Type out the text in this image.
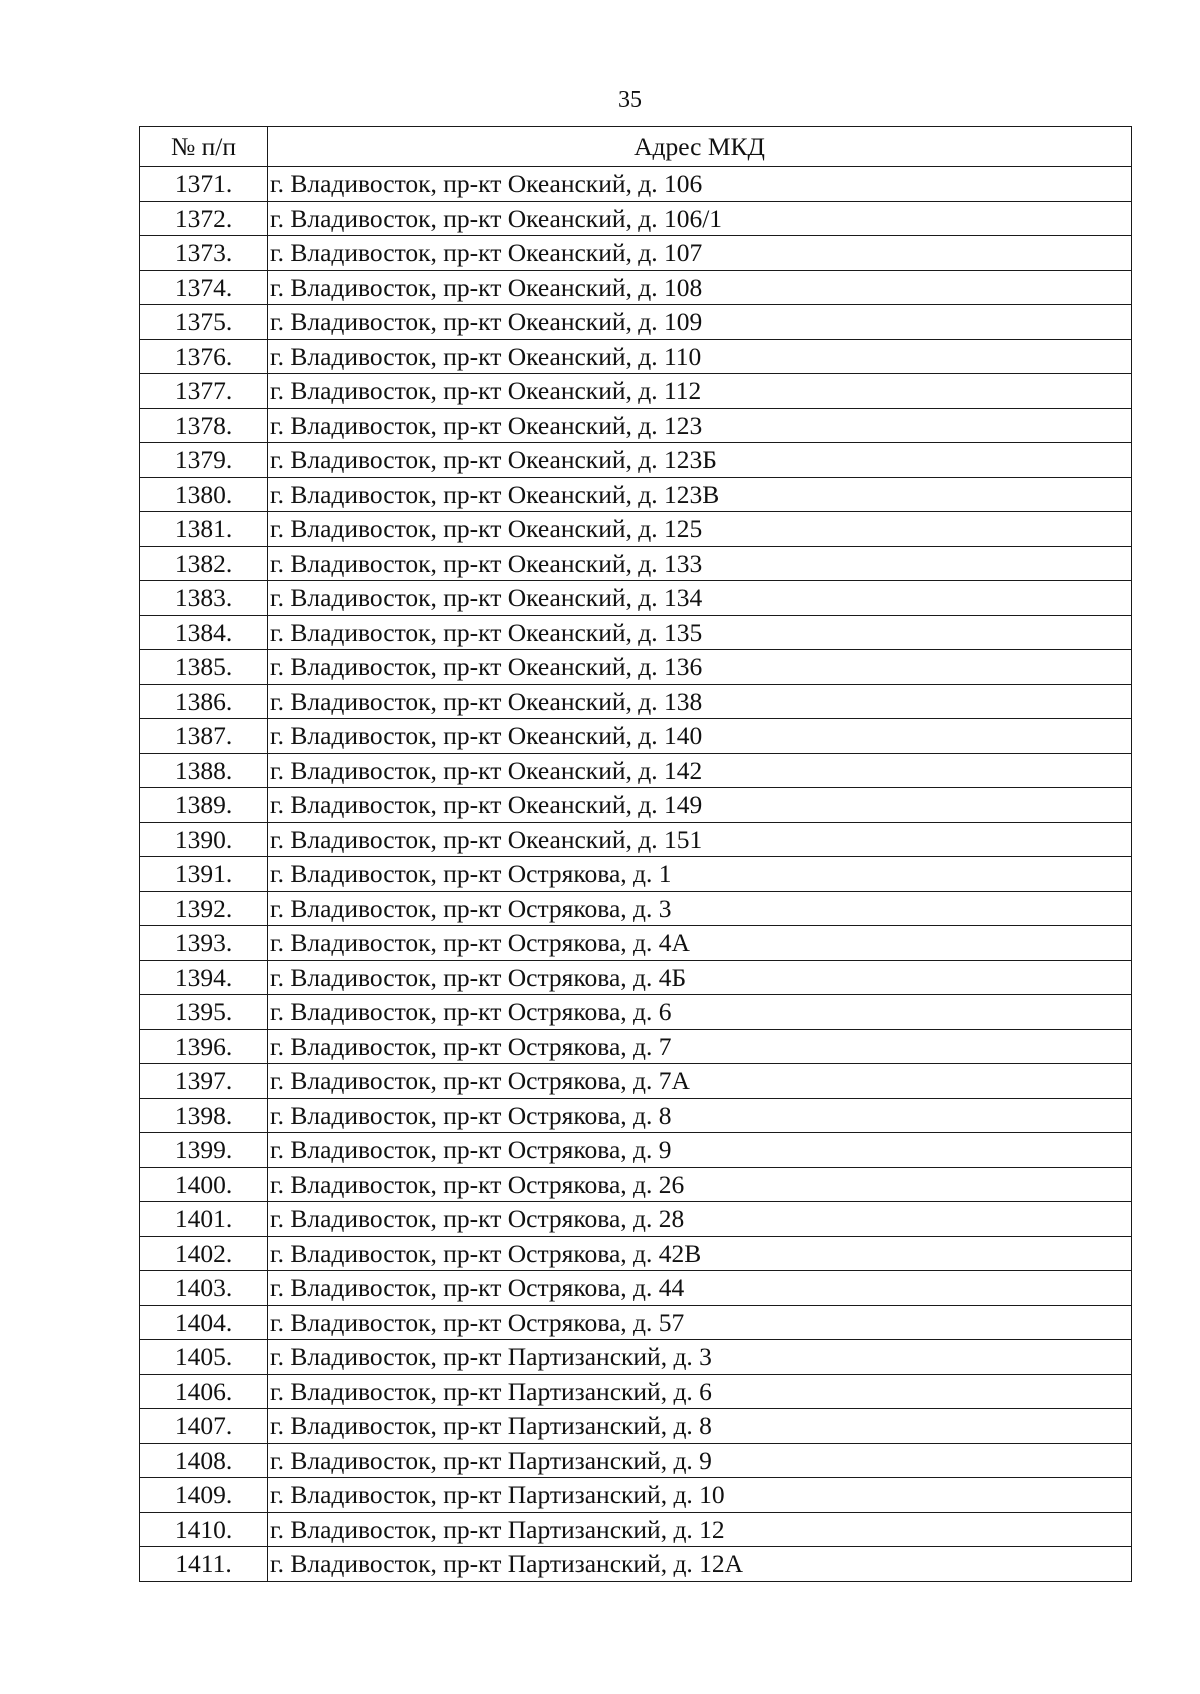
35
№ п/п	Адрес МКД
1371.	г. Владивосток, пр-кт Океанский, д. 106
1372.	г. Владивосток, пр-кт Океанский, д. 106/1
1373.	г. Владивосток, пр-кт Океанский, д. 107
1374.	г. Владивосток, пр-кт Океанский, д. 108
1375.	г. Владивосток, пр-кт Океанский, д. 109
1376.	г. Владивосток, пр-кт Океанский, д. 110
1377.	г. Владивосток, пр-кт Океанский, д. 112
1378.	г. Владивосток, пр-кт Океанский, д. 123
1379.	г. Владивосток, пр-кт Океанский, д. 123Б
1380.	г. Владивосток, пр-кт Океанский, д. 123В
1381.	г. Владивосток, пр-кт Океанский, д. 125
1382.	г. Владивосток, пр-кт Океанский, д. 133
1383.	г. Владивосток, пр-кт Океанский, д. 134
1384.	г. Владивосток, пр-кт Океанский, д. 135
1385.	г. Владивосток, пр-кт Океанский, д. 136
1386.	г. Владивосток, пр-кт Океанский, д. 138
1387.	г. Владивосток, пр-кт Океанский, д. 140
1388.	г. Владивосток, пр-кт Океанский, д. 142
1389.	г. Владивосток, пр-кт Океанский, д. 149
1390.	г. Владивосток, пр-кт Океанский, д. 151
1391.	г. Владивосток, пр-кт Острякова, д. 1
1392.	г. Владивосток, пр-кт Острякова, д. 3
1393.	г. Владивосток, пр-кт Острякова, д. 4А
1394.	г. Владивосток, пр-кт Острякова, д. 4Б
1395.	г. Владивосток, пр-кт Острякова, д. 6
1396.	г. Владивосток, пр-кт Острякова, д. 7
1397.	г. Владивосток, пр-кт Острякова, д. 7А
1398.	г. Владивосток, пр-кт Острякова, д. 8
1399.	г. Владивосток, пр-кт Острякова, д. 9
1400.	г. Владивосток, пр-кт Острякова, д. 26
1401.	г. Владивосток, пр-кт Острякова, д. 28
1402.	г. Владивосток, пр-кт Острякова, д. 42В
1403.	г. Владивосток, пр-кт Острякова, д. 44
1404.	г. Владивосток, пр-кт Острякова, д. 57
1405.	г. Владивосток, пр-кт Партизанский, д. 3
1406.	г. Владивосток, пр-кт Партизанский, д. 6
1407.	г. Владивосток, пр-кт Партизанский, д. 8
1408.	г. Владивосток, пр-кт Партизанский, д. 9
1409.	г. Владивосток, пр-кт Партизанский, д. 10
1410.	г. Владивосток, пр-кт Партизанский, д. 12
1411.	г. Владивосток, пр-кт Партизанский, д. 12А
